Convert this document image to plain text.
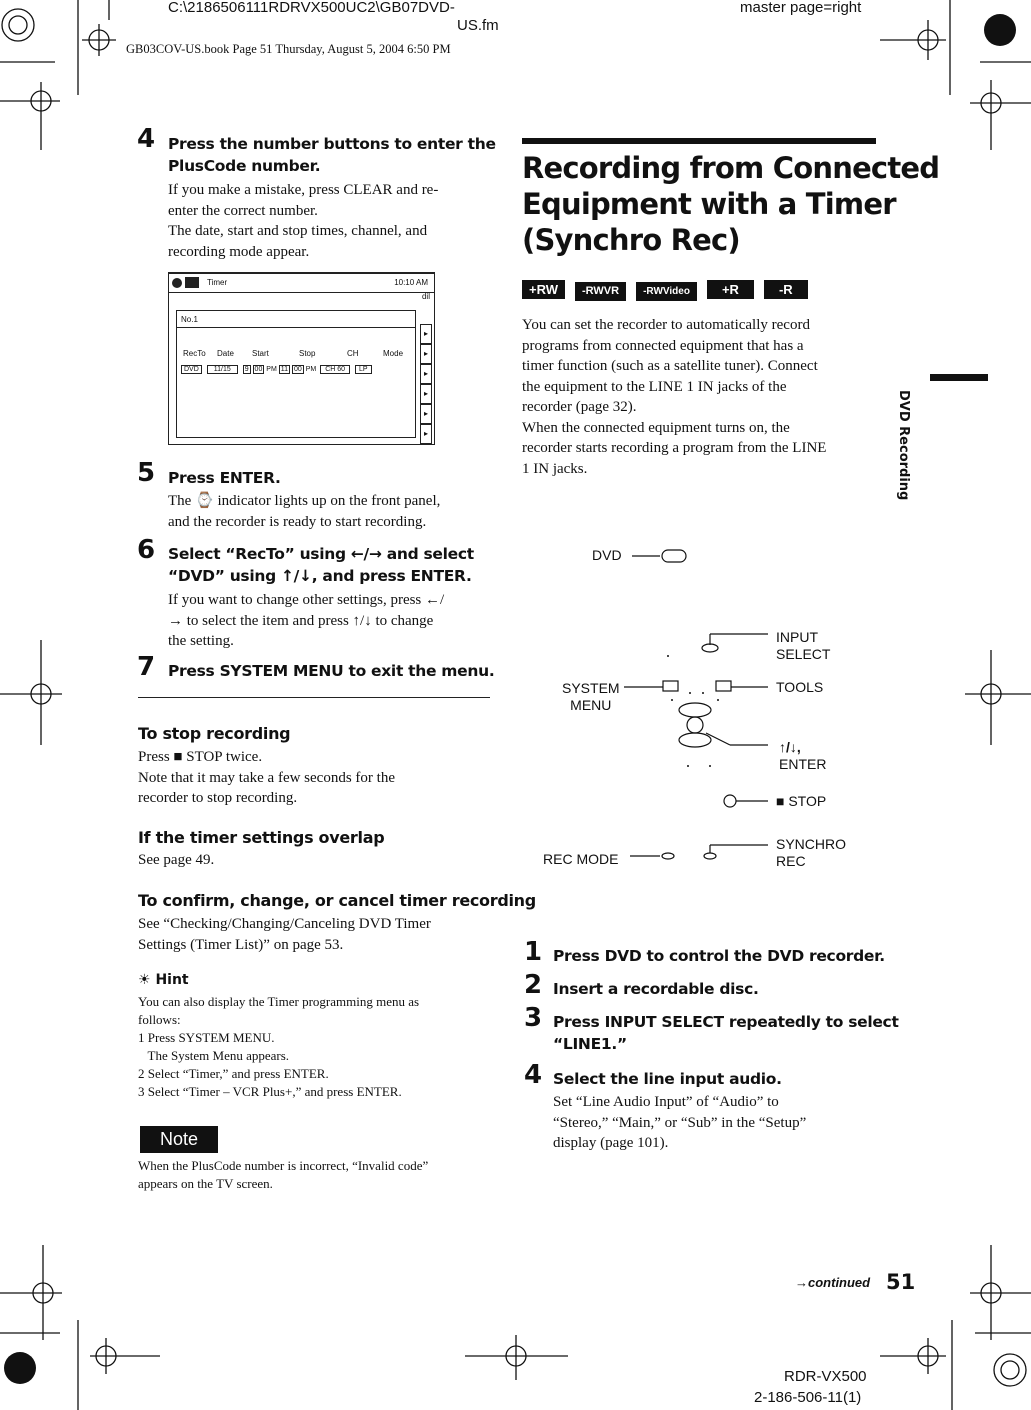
C:\2186506111RDRVX500UC2\GB07DVD-
US.fm
master page=right
GB03COV-US.book Page 51 Thursday, August 5, 2004 6:50 PM
4 Press the number buttons to enter the
PlusCode number.
If you make a mistake, press CLEAR and re-
enter the correct number.
The date, start and stop times, channel, and
recording mode appear.
Timer	10:10 AM
No.1
RecTo Date Start	Stop	CH	Mode
DVD 11/15 9 00 PM 11 00 PM CH 60 LP
dil
▸
▸
▸
▸
▸
▸
5 Press ENTER.
The ⌚ indicator lights up on the front panel,
and the recorder is ready to start recording.
6 Select “RecTo” using ←/→ and select
“DVD” using ↑/↓, and press ENTER.
If you want to change other settings, press ←/
→ to select the item and press ↑/↓ to change
the setting.
7 Press SYSTEM MENU to exit the menu.
To stop recording
Press ■ STOP twice.
Note that it may take a few seconds for the
recorder to stop recording.
If the timer settings overlap
See page 49.
To confirm, change, or cancel timer recording
See “Checking/Changing/Canceling DVD Timer
Settings (Timer List)” on page 53.
☀ Hint
You can also display the Timer programming menu as
follows:
1 Press SYSTEM MENU.
The System Menu appears.
2 Select “Timer,” and press ENTER.
3 Select “Timer – VCR Plus+,” and press ENTER.
Note
When the PlusCode number is incorrect, “Invalid code”
appears on the TV screen.
Recording from Connected
Equipment with a Timer
(Synchro Rec)
+RW -RWVR -RWVideo +R	-R
You can set the recorder to automatically record
programs from connected equipment that has a
timer function (such as a satellite tuner). Connect
the equipment to the LINE 1 IN jacks of the
recorder (page 32).
When the connected equipment turns on, the
recorder starts recording a program from the LINE
1 IN jacks.	DVD Recording
DVD
INPUT
SELECT
SYSTEM
MENU
TOOLS
↑/↓,
ENTER
■ STOP
SYNCHRO
REC
REC MODE
1 Press DVD to control the DVD recorder.
2 Insert a recordable disc.
3 Press INPUT SELECT repeatedly to select
“LINE1.”
4 Select the line input audio.
Set “Line Audio Input” of “Audio” to
“Stereo,” “Main,” or “Sub” in the “Setup”
display (page 101).
→continued 51
RDR-VX500
2-186-506-11(1)
